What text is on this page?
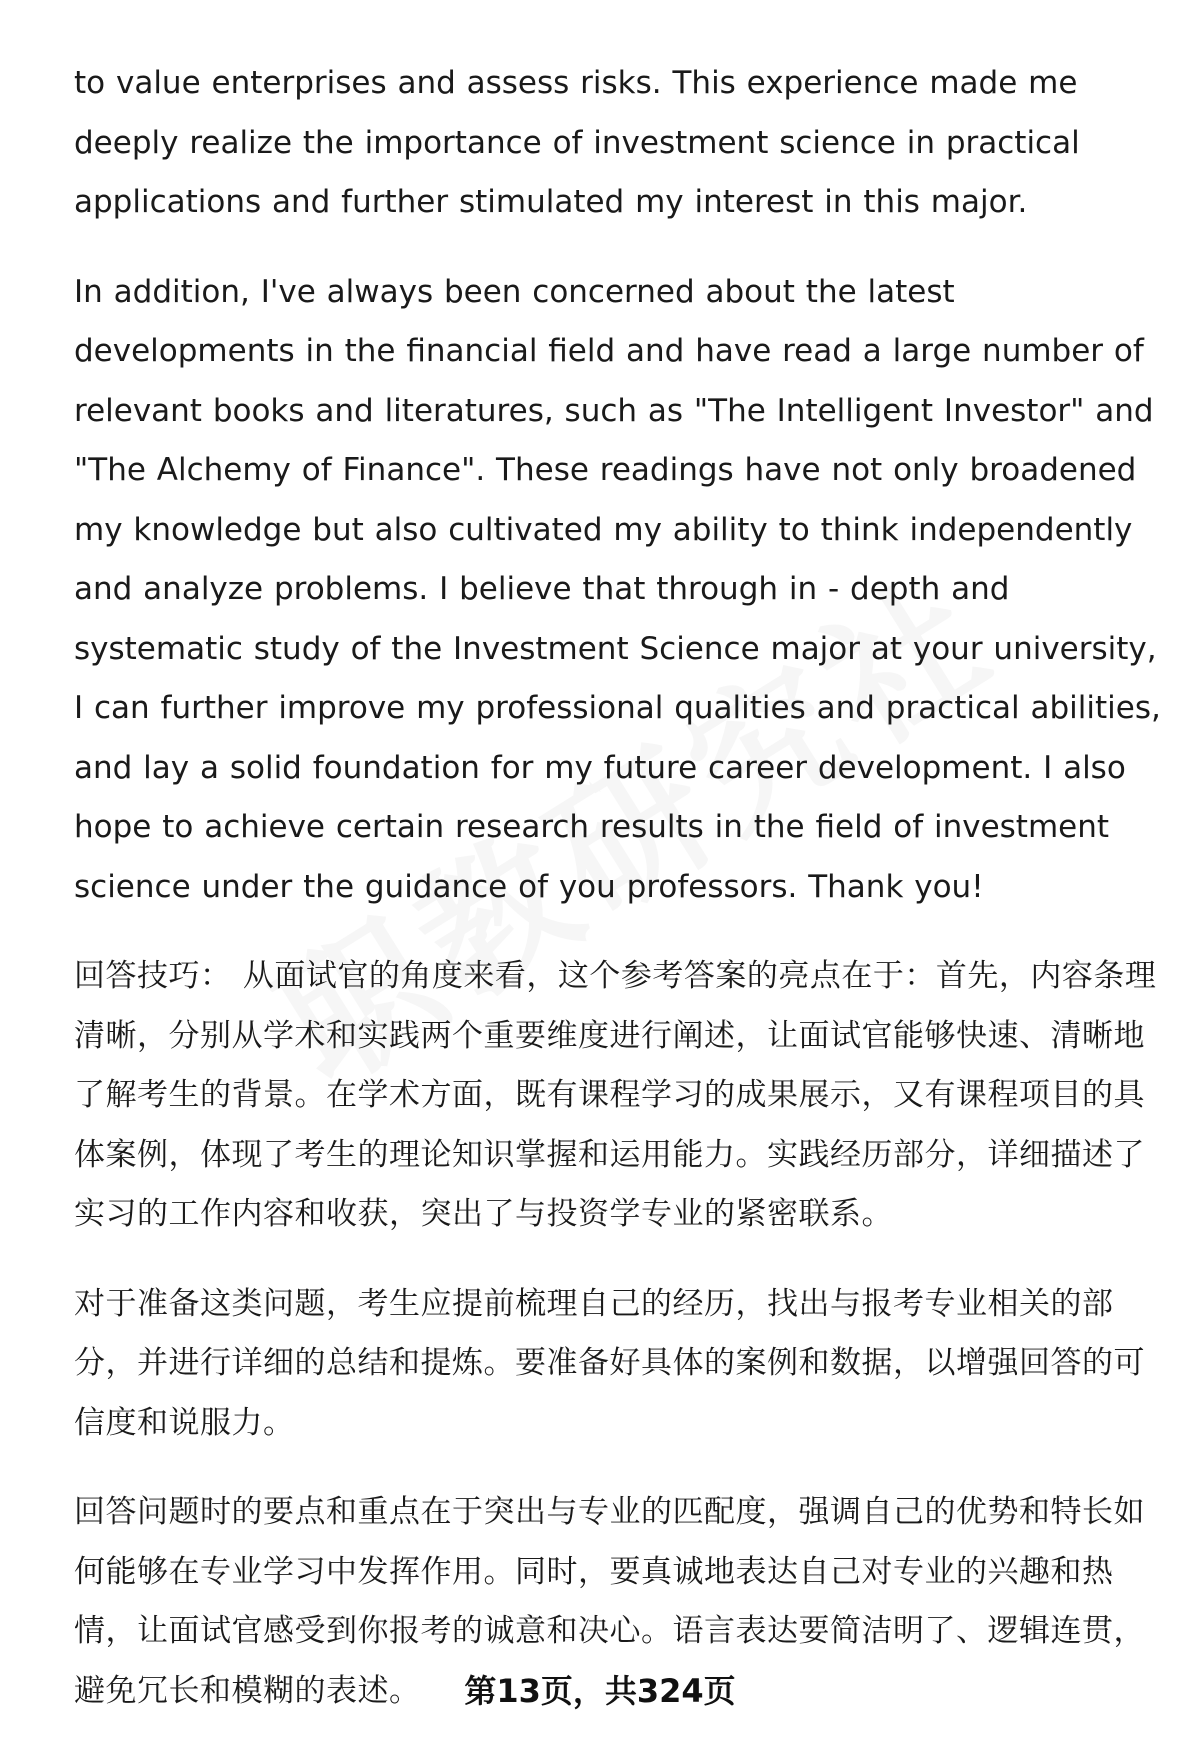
to value enterprises and assess risks. This experience made me deeply realize the importance of investment science in practical applications and further stimulated my interest in this major.

In addition, I've always been concerned about the latest developments in the financial field and have read a large number of relevant books and literatures, such as "The Intelligent Investor" and "The Alchemy of Finance". These readings have not only broadened my knowledge but also cultivated my ability to think independently and analyze problems. I believe that through in - depth and systematic study of the Investment Science major at your university, I can further improve my professional qualities and practical abilities, and lay a solid foundation for my future career development. I also hope to achieve certain research results in the field of investment science under the guidance of you professors. Thank you!

回答技巧： 从面试官的角度来看，这个参考答案的亮点在于：首先，内容条理清晰，分别从学术和实践两个重要维度进行阐述，让面试官能够快速、清晰地了解考生的背景。在学术方面，既有课程学习的成果展示，又有课程项目的具体案例，体现了考生的理论知识掌握和运用能力。实践经历部分，详细描述了实习的工作内容和收获，突出了与投资学专业的紧密联系。

对于准备这类问题，考生应提前梳理自己的经历，找出与报考专业相关的部分，并进行详细的总结和提炼。要准备好具体的案例和数据，以增强回答的可信度和说服力。

回答问题时的要点和重点在于突出与专业的匹配度，强调自己的优势和特长如何能够在专业学习中发挥作用。同时，要真诚地表达自己对专业的兴趣和热情，让面试官感受到你报考的诚意和决心。语言表达要简洁明了、逻辑连贯，避免冗长和模糊的表述。	第13页，共324页
